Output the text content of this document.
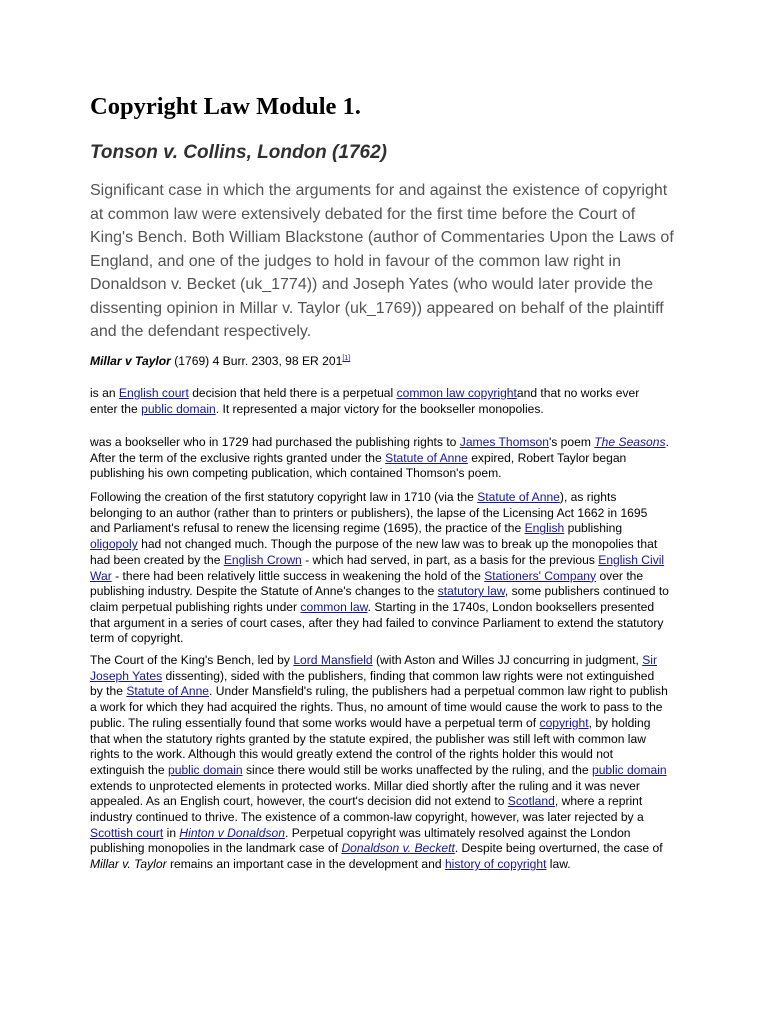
Copyright Law Module 1.
Tonson v. Collins, London (1762)

Significant case in which the arguments for and against the existence of copyright at common law were extensively debated for the first time before the Court of King's Bench. Both William Blackstone (author of Commentaries Upon the Laws of England, and one of the judges to hold in favour of the common law right in Donaldson v. Becket (uk_1774)) and Joseph Yates (who would later provide the dissenting opinion in Millar v. Taylor (uk_1769)) appeared on behalf of the plaintiff and the defendant respectively.

Millar v Taylor (1769) 4 Burr. 2303, 98 ER 201[1]

is an English court decision that held there is a perpetual common law copyrightand that no works ever enter the public domain. It represented a major victory for the bookseller monopolies.

was a bookseller who in 1729 had purchased the publishing rights to James Thomson's poem The Seasons. After the term of the exclusive rights granted under the Statute of Anne expired, Robert Taylor began publishing his own competing publication, which contained Thomson's poem.

Following the creation of the first statutory copyright law in 1710 (via the Statute of Anne), as rights belonging to an author (rather than to printers or publishers), the lapse of the Licensing Act 1662 in 1695 and Parliament's refusal to renew the licensing regime (1695), the practice of the English publishing oligopoly had not changed much. Though the purpose of the new law was to break up the monopolies that had been created by the English Crown - which had served, in part, as a basis for the previous English Civil War - there had been relatively little success in weakening the hold of the Stationers' Company over the publishing industry. Despite the Statute of Anne's changes to the statutory law, some publishers continued to claim perpetual publishing rights under common law. Starting in the 1740s, London booksellers presented that argument in a series of court cases, after they had failed to convince Parliament to extend the statutory term of copyright.

The Court of the King's Bench, led by Lord Mansfield (with Aston and Willes JJ concurring in judgment, Sir Joseph Yates dissenting), sided with the publishers, finding that common law rights were not extinguished by the Statute of Anne. Under Mansfield's ruling, the publishers had a perpetual common law right to publish a work for which they had acquired the rights. Thus, no amount of time would cause the work to pass to the public. The ruling essentially found that some works would have a perpetual term of copyright, by holding that when the statutory rights granted by the statute expired, the publisher was still left with common law rights to the work. Although this would greatly extend the control of the rights holder this would not extinguish the public domain since there would still be works unaffected by the ruling, and the public domain extends to unprotected elements in protected works. Millar died shortly after the ruling and it was never appealed. As an English court, however, the court's decision did not extend to Scotland, where a reprint industry continued to thrive. The existence of a common-law copyright, however, was later rejected by a Scottish court in Hinton v Donaldson. Perpetual copyright was ultimately resolved against the London publishing monopolies in the landmark case of Donaldson v. Beckett. Despite being overturned, the case of Millar v. Taylor remains an important case in the development and history of copyright law.
